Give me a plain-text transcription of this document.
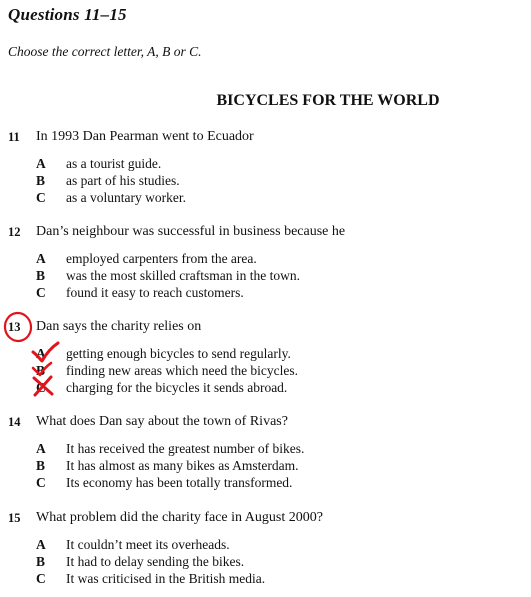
Questions 11–15
Choose the correct letter, A, B or C.
BICYCLES FOR THE WORLD
11 In 1993 Dan Pearman went to Ecuador
A as a tourist guide.
B as part of his studies.
C as a voluntary worker.
12 Dan’s neighbour was successful in business because he
A employed carpenters from the area.
B was the most skilled craftsman in the town.
C found it easy to reach customers.
13 Dan says the charity relies on
A getting enough bicycles to send regularly.
B finding new areas which need the bicycles.
C charging for the bicycles it sends abroad.
14 What does Dan say about the town of Rivas?
A It has received the greatest number of bikes.
B It has almost as many bikes as Amsterdam.
C Its economy has been totally transformed.
15 What problem did the charity face in August 2000?
A It couldn’t meet its overheads.
B It had to delay sending the bikes.
C It was criticised in the British media.
